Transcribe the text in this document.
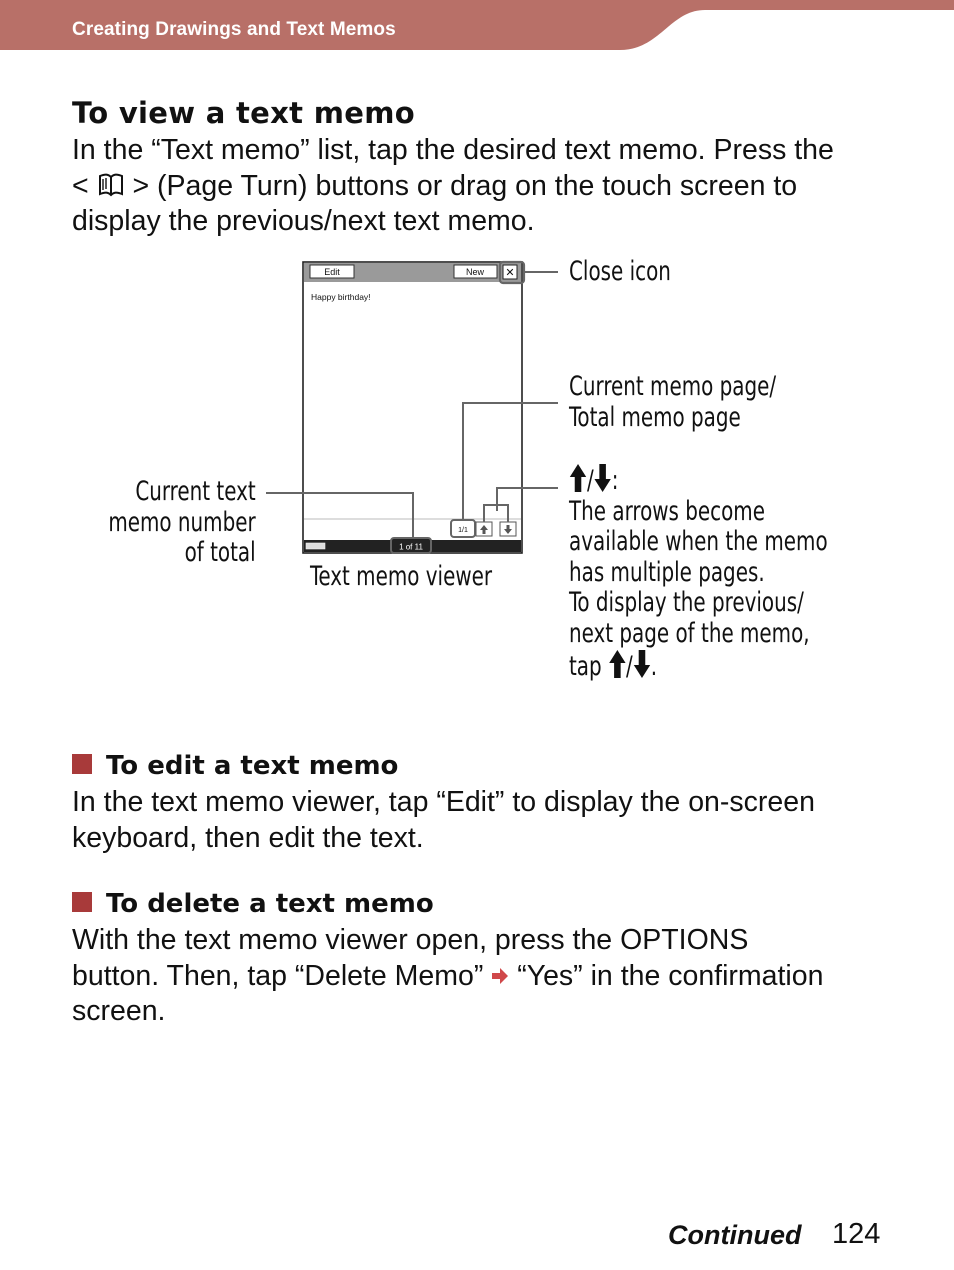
Creating Drawings and Text Memos
To view a text memo
In the “Text memo” list, tap the desired text memo. Press the
< > (Page Turn) buttons or drag on the touch screen to
display the previous/next text memo.
Edit	New ✕
Happy birthday!
1/1
1 of 11
Close icon
Current memo page/
Total memo page
Current text
memo number
of total
Text memo viewer
/ :
The arrows become
available when the memo
has multiple pages.
To display the previous/
next page of the memo,
tap / .
To edit a text memo
In the text memo viewer, tap “Edit” to display the on-screen
keyboard, then edit the text.
To delete a text memo
With the text memo viewer open, press the OPTIONS
button. Then, tap “Delete Memo” “Yes” in the confirmation
screen.
Continued 124
